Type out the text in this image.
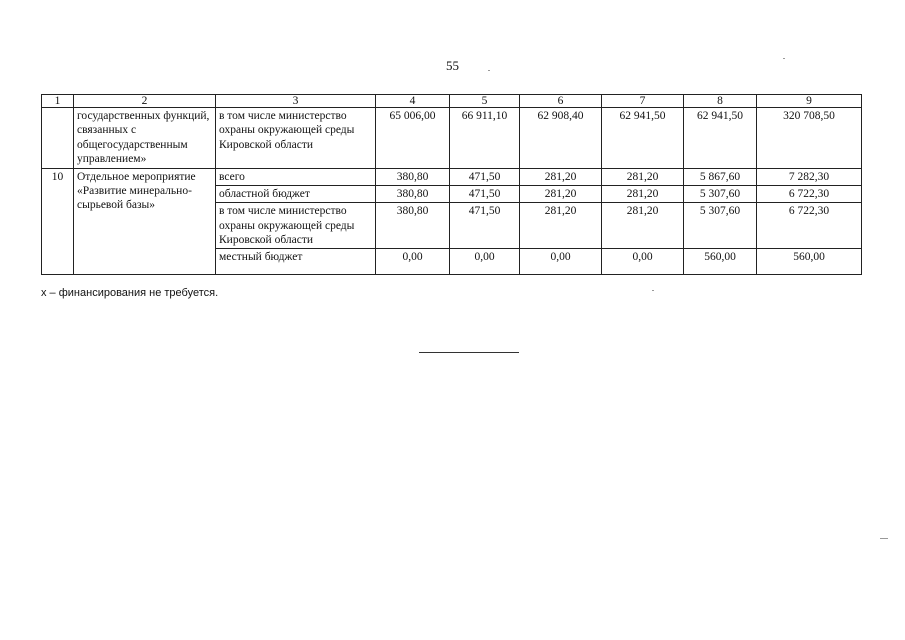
55
1	2	3	4	5	6	7	8	9
	государственных функций, связанных с общегосударственным управлением»	в том числе министерство охраны окружающей среды Кировской области	65 006,00	66 911,10	62 908,40	62 941,50	62 941,50	320 708,50
10	Отдельное мероприятие «Развитие минерально-сырьевой базы»	всего	380,80	471,50	281,20	281,20	5 867,60	7 282,30
		областной бюджет	380,80	471,50	281,20	281,20	5 307,60	6 722,30
		в том числе министерство охраны окружающей среды Кировской области	380,80	471,50	281,20	281,20	5 307,60	6 722,30
		местный бюджет	0,00	0,00	0,00	0,00	560,00	560,00
х – финансирования не требуется.
